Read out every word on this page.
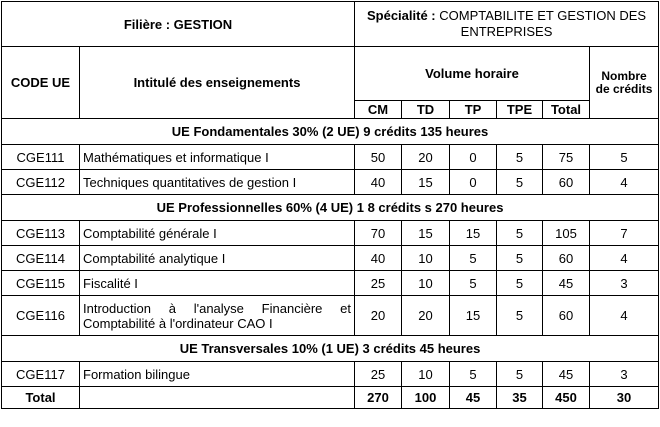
Filière : GESTION		Spécialité : COMPTABILITE ET GESTION DES ENTREPRISES					
CODE UE	Intitulé des enseignements	Volume horaire					Nombre de crédits
		CM	TD	TP	TPE	Total	
UE Fondamentales 30% (2 UE) 9 crédits 135 heures							
CGE111	Mathématiques et informatique I	50	20	0	5	75	5
CGE112	Techniques quantitatives de gestion I	40	15	0	5	60	4
UE Professionnelles 60% (4 UE) 1 8 crédits s 270 heures							
CGE113	Comptabilité générale I	70	15	15	5	105	7
CGE114	Comptabilité analytique I	40	10	5	5	60	4
CGE115	Fiscalité I	25	10	5	5	45	3
CGE116	Introduction à l'analyse Financière et Comptabilité à l'ordinateur CAO I	20	20	15	5	60	4
UE Transversales 10% (1 UE) 3 crédits 45 heures							
CGE117	Formation bilingue	25	10	5	5	45	3
Total		270	100	45	35	450	30
